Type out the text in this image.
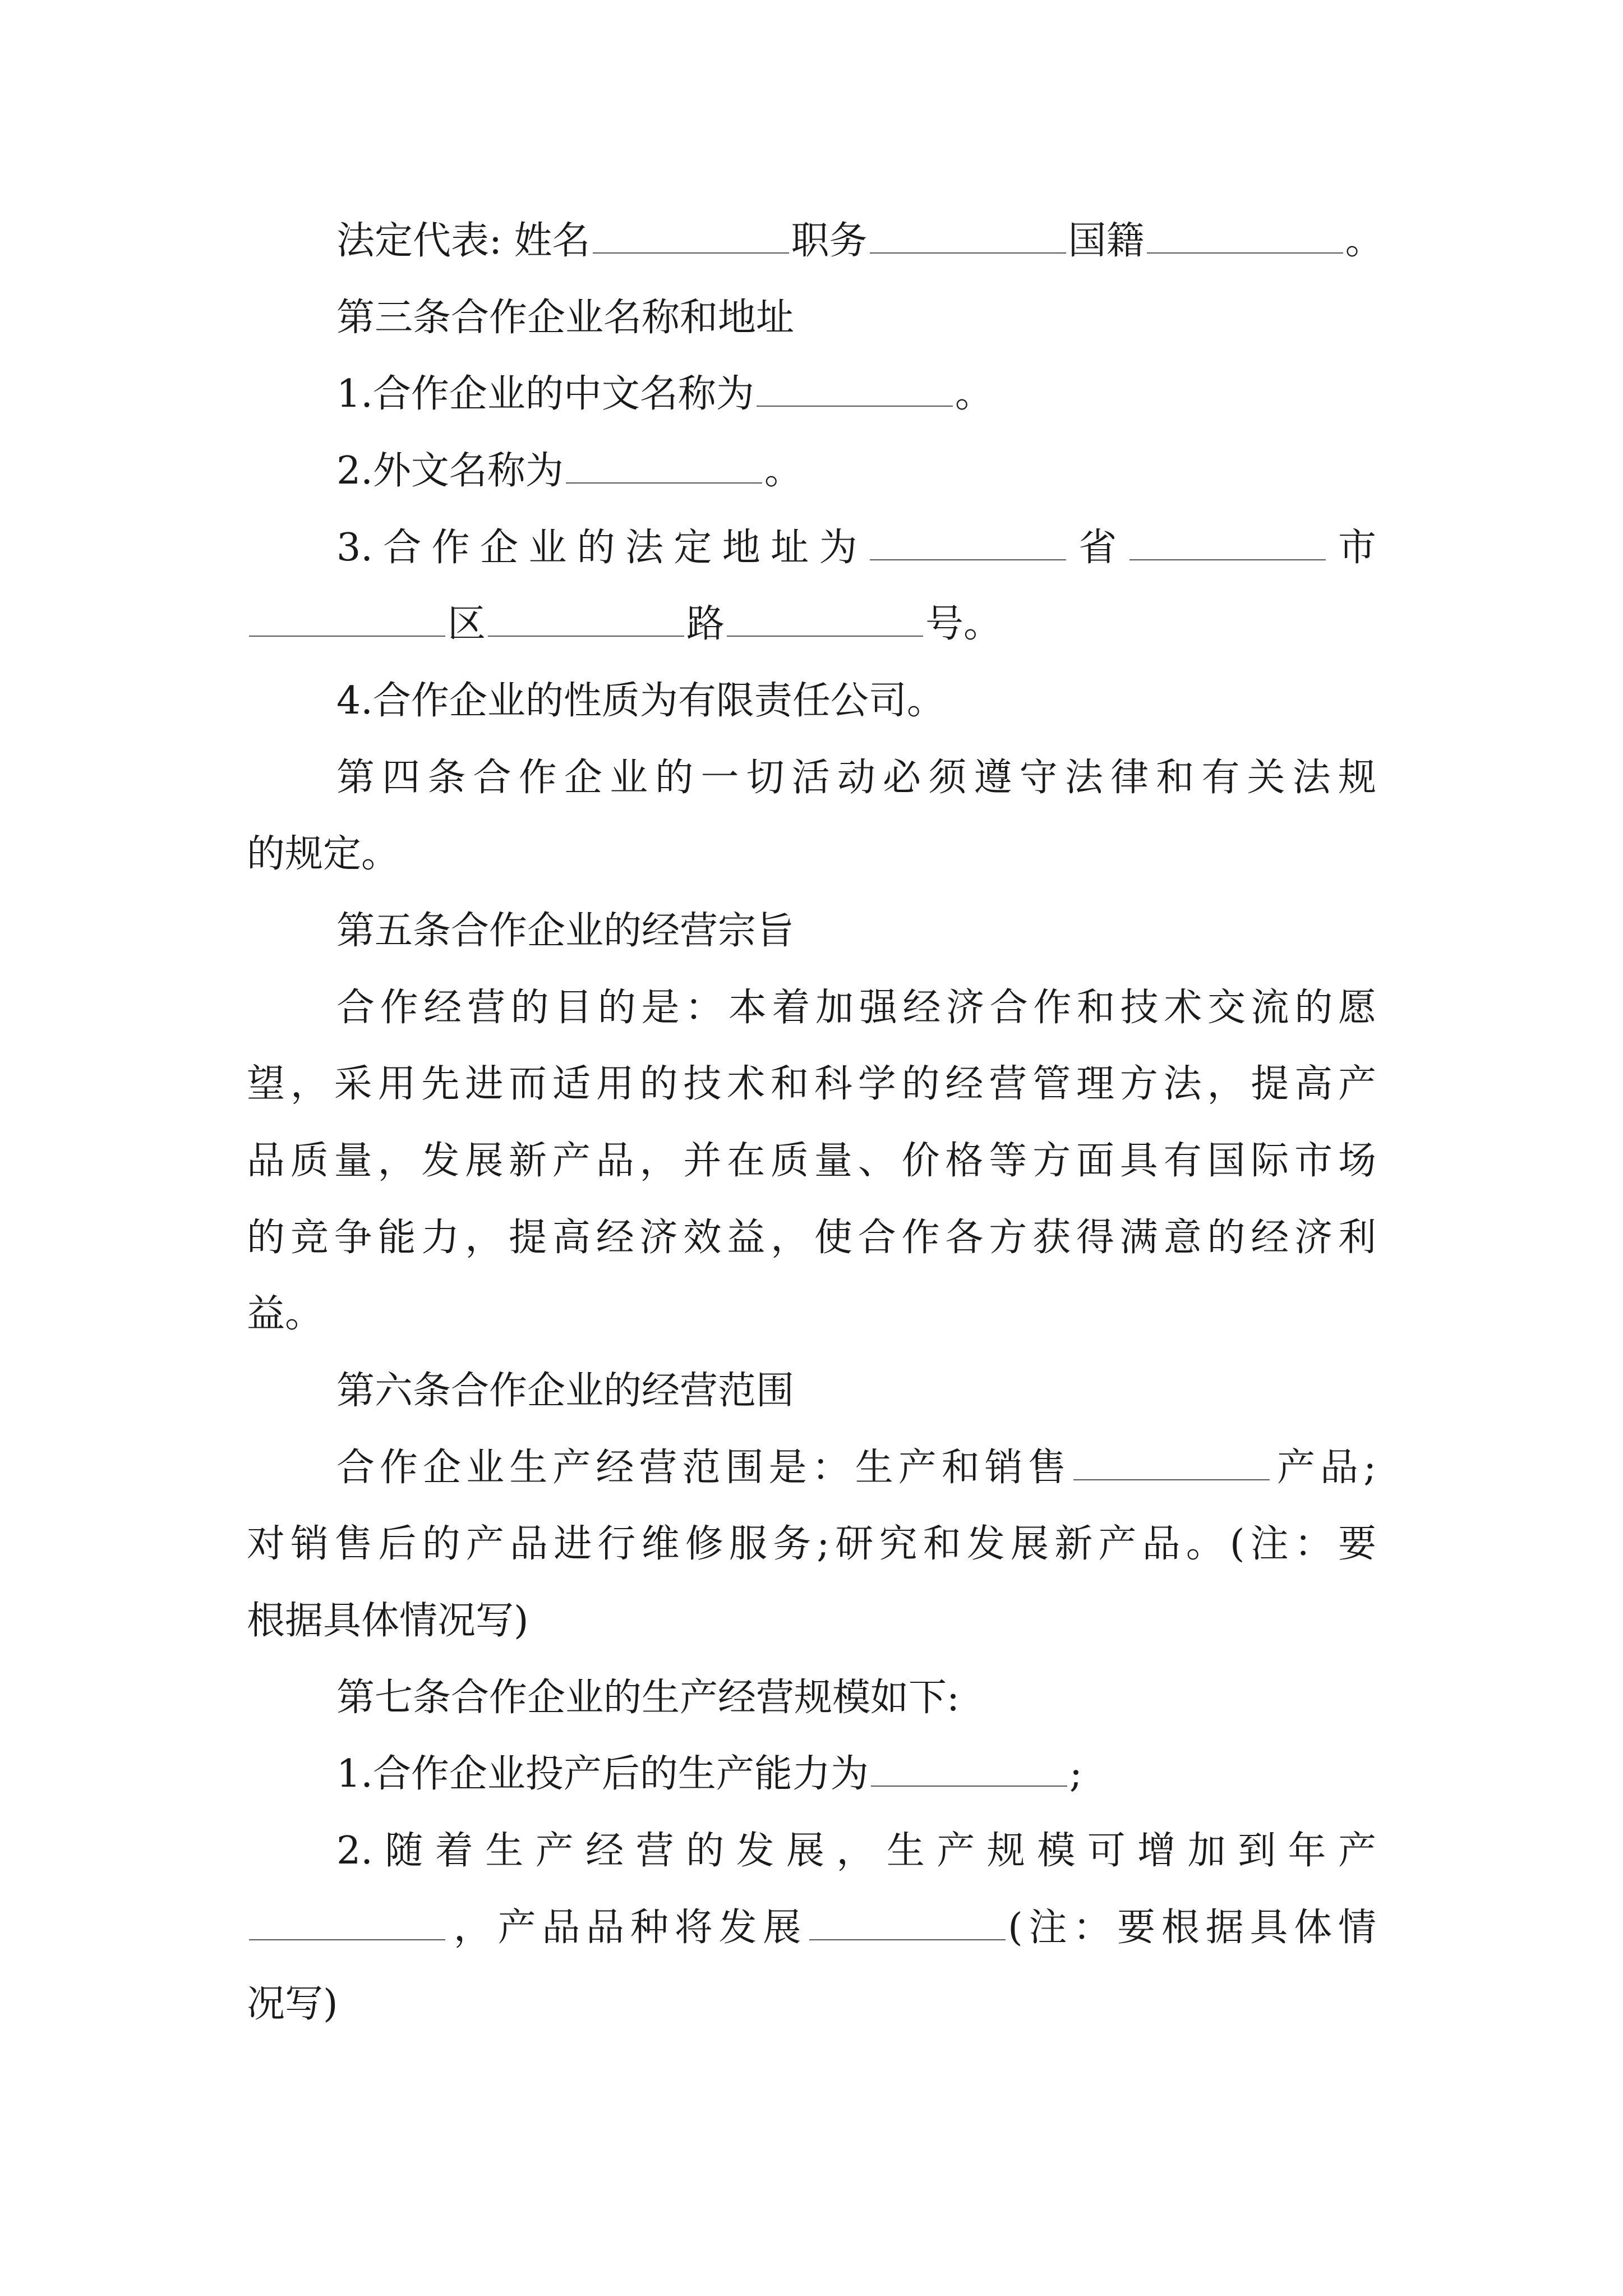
法定代表: 姓名	职务	国籍	。
第三条合作企业名称和地址
1.合作企业的中文名称为	。
2.外文名称为	。
3.合作企业的法定地址为	省	市
区	路	号。
4.合作企业的性质为有限责任公司。
第四条合作企业的一切活动必须遵守法律和有关法规
的规定。
第五条合作企业的经营宗旨
合作经营的目的是：本着加强经济合作和技术交流的愿
望，采用先进而适用的技术和科学的经营管理方法，提高产
品质量，发展新产品，并在质量、价格等方面具有国际市场
的竞争能力，提高经济效益，使合作各方获得满意的经济利
益。
第六条合作企业的经营范围
合作企业生产经营范围是：生产和销售	产品;
对销售后的产品进行维修服务;研究和发展新产品。(注：要
根据具体情况写)
第七条合作企业的生产经营规模如下:
1.合作企业投产后的生产能力为	;
2.随着生产经营的发展，生产规模可增加到年产
，产品品种将发展	(注：要根据具体情
况写)
